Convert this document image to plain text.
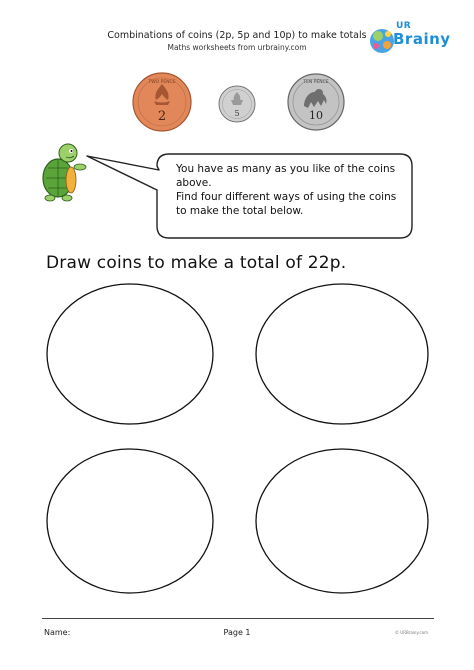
Combinations of coins (2p, 5p and 10p) to make totals
Maths worksheets from urbrainy.com
UR
Brainy
2
TWO PENCE
5	10
TEN PENCE
You have as many as you like of the coins
above.
Find four different ways of using the coins
to make the total below.
Draw coins to make a total of 22p.
Name:	Page 1	© URBrainy.com
